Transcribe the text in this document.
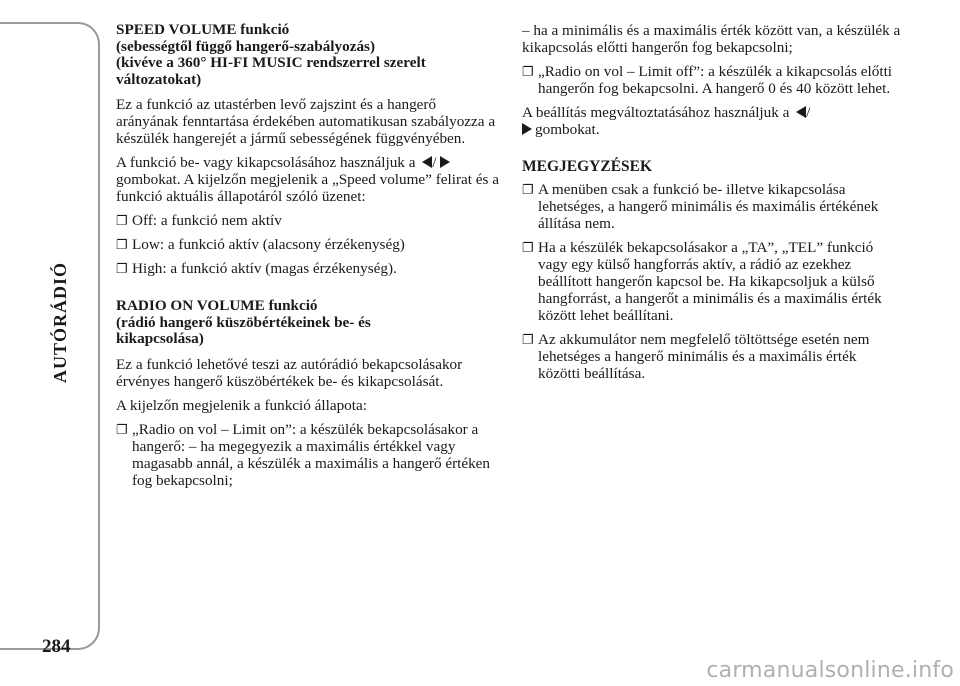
AUTÓRÁDIÓ
284
carmanualsonline.info
SPEED VOLUME funkció
(sebességtől függő hangerő-szabályozás)
(kivéve a 360° HI-FI MUSIC rendszerrel szerelt
változatokat)

Ez a funkció az utastérben levő zajszint és a hangerő arányának fenntartása érdekében automatikusan szabályozza a készülék hangerejét a jármű sebességének függvényében.

A funkció be- vagy kikapcsolásához használjuk a / gombokat. A kijelzőn megjelenik a „Speed volume” felirat és a funkció aktuális állapotáról szóló üzenet:

❐ Off: a funkció nem aktív
❐ Low: a funkció aktív (alacsony érzékenység)
❐ High: a funkció aktív (magas érzékenység).
RADIO ON VOLUME funkció
(rádió hangerő küszöbértékeinek be- és
kikapcsolása)

Ez a funkció lehetővé teszi az autórádió bekapcsolásakor érvényes hangerő küszöbértékek be- és kikapcsolását.

A kijelzőn megjelenik a funkció állapota:

❐ „Radio on vol – Limit on”: a készülék bekapcsolásakor a hangerő: – ha megegyezik a maximális értékkel vagy magasabb annál, a készülék a maximális a hangerő értéken fog bekapcsolni;

– ha a minimális és a maximális érték között van, a készülék a kikapcsolás előtti hangerőn fog bekapcsolni;

❐ „Radio on vol – Limit off”: a készülék a kikapcsolás előtti hangerőn fog bekapcsolni. A hangerő 0 és 40 között lehet.

A beállítás megváltoztatásához használjuk a /
gombokat.

MEGJEGYZÉSEK
❐ A menüben csak a funkció be- illetve kikapcsolása lehetséges, a hangerő minimális és maximális értékének állítása nem.
❐ Ha a készülék bekapcsolásakor a „TA”, „TEL” funkció vagy egy külső hangforrás aktív, a rádió az ezekhez beállított hangerőn kapcsol be. Ha kikapcsoljuk a külső hangforrást, a hangerőt a minimális és a maximális érték között lehet beállítani.
❐ Az akkumulátor nem megfelelő töltöttsége esetén nem lehetséges a hangerő minimális és a maximális érték közötti beállítása.
